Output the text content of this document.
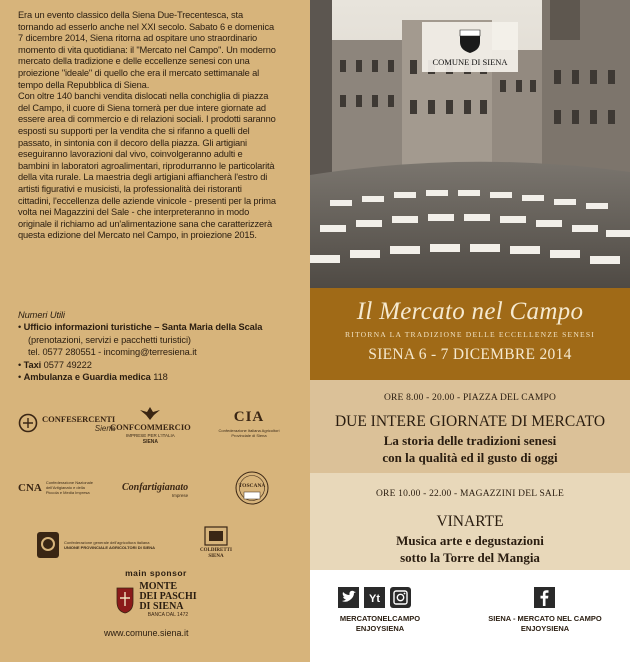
Era un evento classico della Siena Due-Trecentesca, sta tornando ad esserlo anche nel XXI secolo. Sabato 6 e domenica 7 dicembre 2014, Siena ritorna ad ospitare uno straordinario momento di vita quotidiana: il "Mercato nel Campo". Un moderno mercato della tradizione e delle eccellenze senesi con una proiezione "ideale" di quello che era il mercato settimanale al tempo della Repubblica di Siena.

Con oltre 140 banchi vendita dislocati nella conchiglia di piazza del Campo, il cuore di Siena tornerà per due intere giornate ad essere area di commercio e di relazioni sociali. I prodotti saranno esposti su supporti per la vendita che si rifanno a quelli del passato, in sintonia con il decoro della piazza. Gli artigiani eseguiranno lavorazioni dal vivo, coinvolgeranno adulti e bambini in laboratori agroalimentari, riprodurranno le particolarità della vita rurale. La maestria degli artigiani affiancherà l'estro di artisti figurativi e musicisti, la professionalità dei ristoranti cittadini, l'eccellenza delle aziende vinicole - presenti per la prima volta nei Magazzini del Sale - che interpreteranno in modo originale il richiamo ad un'alimentazione sana che caratterizzerà questa edizione del Mercato nel Campo, in proiezione 2015.

Numeri Utili
• Ufficio informazioni turistiche – Santa Maria della Scala
(prenotazioni, servizi e pacchetti turistici)
tel. 0577 280551 - incoming@terresiena.it
• Taxi 0577 49222
• Ambulanza e Guardia medica 118
CONFESERCENTI
Siena
CONFCOMMERCIO
IMPRESE PER L'ITALIA
SIENA
CIA
Confederazione Italiana Agricoltori Provinciale di Siena
CNA Confederazione Nazionale dell'Artigianato e della Piccola e Media Impresa	Confartigianato
Imprese
TOSCANA
Confederazione generale dell'agricoltura italiana
UNIONE PROVINCIALE AGRICOLTORI DI SIENA
COLDIRETTI
SIENA
main sponsor
MONTE
DEI PASCHI
DI SIENA
BANCA DAL 1472
www.comune.siena.it
COMUNE DI SIENA
Il Mercato nel Campo
RITORNA LA TRADIZIONE DELLE ECCELLENZE SENESI
SIENA 6 - 7 DICEMBRE 2014
ORE 8.00 - 20.00 - PIAZZA DEL CAMPO
DUE INTERE GIORNATE DI MERCATO
La storia delle tradizioni senesi
con la qualità ed il gusto di oggi
ORE 10.00 - 22.00 - MAGAZZINI DEL SALE
VINARTE
Musica arte e degustazioni
sotto la Torre del Mangia
Yt
MERCATONELCAMPO
ENJOYSIENA
SIENA - MERCATO NEL CAMPO
ENJOYSIENA
